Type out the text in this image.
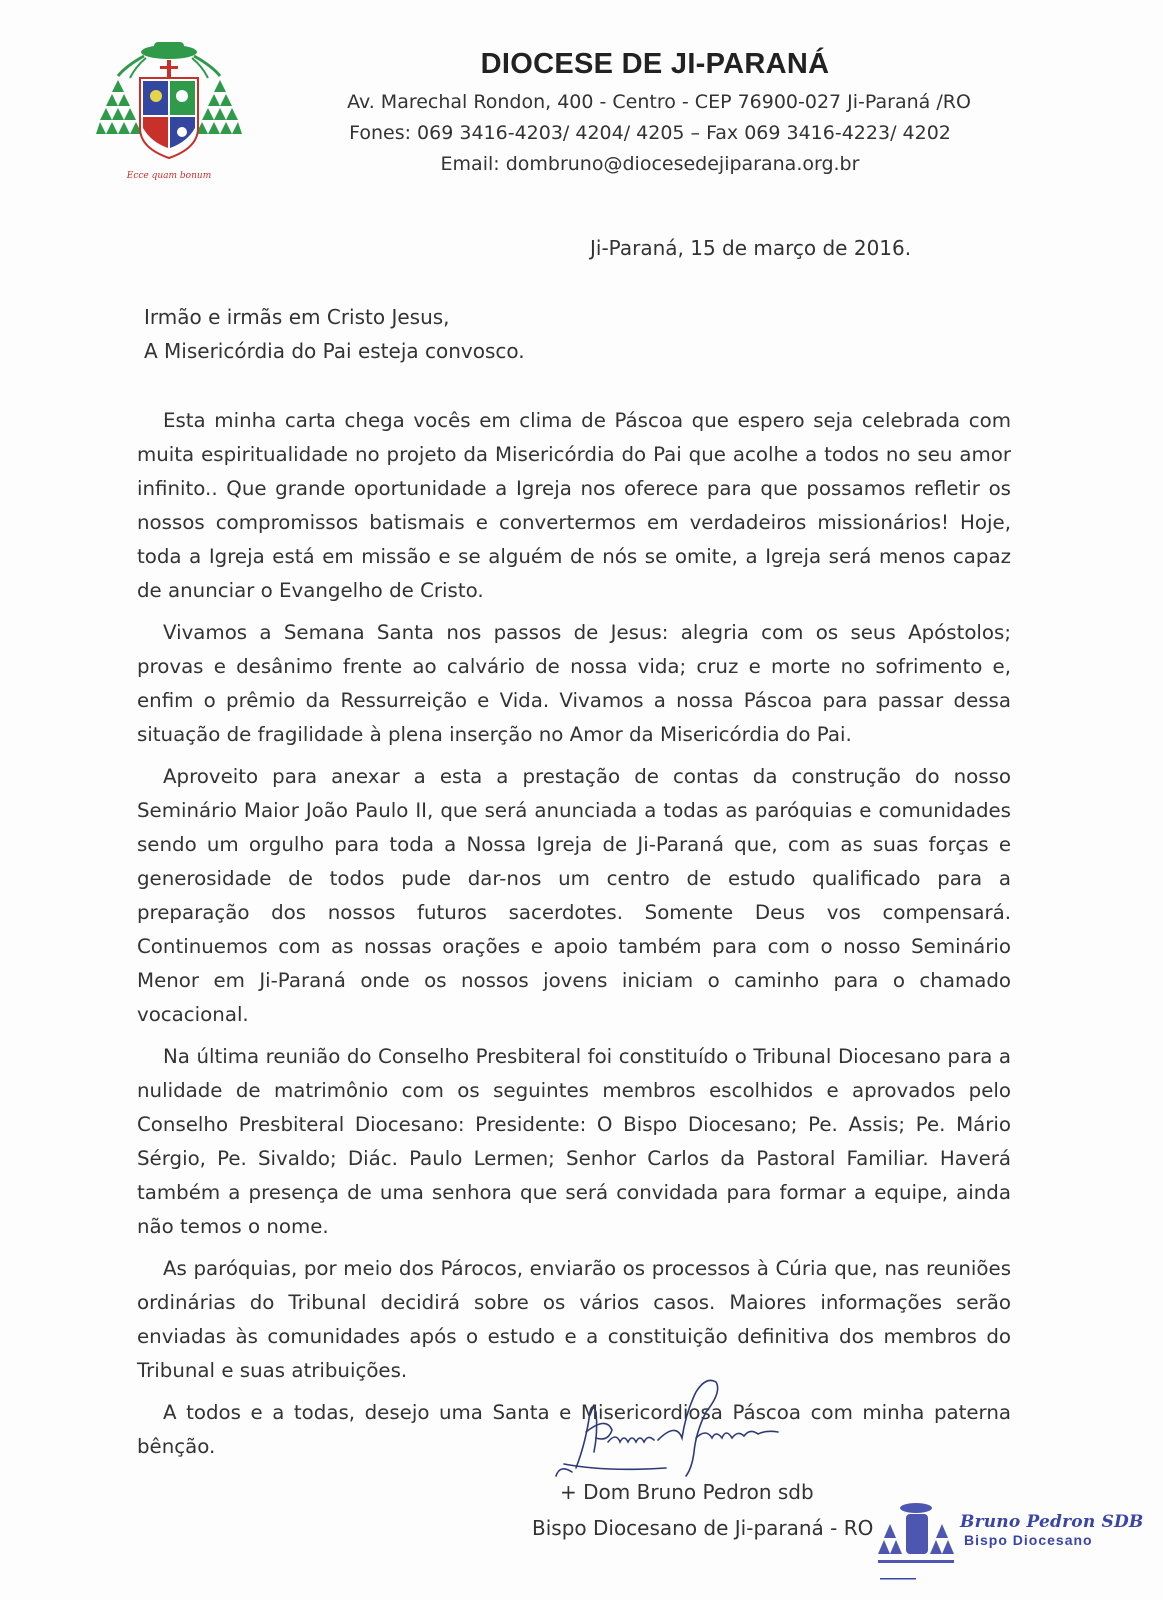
Ecce quam bonum
DIOCESE DE JI-PARANÁ
Av. Marechal Rondon, 400 - Centro - CEP 76900-027 Ji-Paraná /RO
Fones: 069 3416-4203/ 4204/ 4205 – Fax 069 3416-4223/ 4202
Email: dombruno@diocesedejiparana.org.br
Ji-Paraná, 15 de março de 2016.
Irmão e irmãs em Cristo Jesus,
A Misericórdia do Pai esteja convosco.

Esta minha carta chega vocês em clima de Páscoa que espero seja celebrada com muita espiritualidade no projeto da Misericórdia do Pai que acolhe a todos no seu amor infinito.. Que grande oportunidade a Igreja nos oferece para que possamos refletir os nossos compromissos batismais e convertermos em verdadeiros missionários! Hoje, toda a Igreja está em missão e se alguém de nós se omite, a Igreja será menos capaz de anunciar o Evangelho de Cristo.

Vivamos a Semana Santa nos passos de Jesus: alegria com os seus Apóstolos; provas e desânimo frente ao calvário de nossa vida; cruz e morte no sofrimento e, enfim o prêmio da Ressurreição e Vida. Vivamos a nossa Páscoa para passar dessa situação de fragilidade à plena inserção no Amor da Misericórdia do Pai.

Aproveito para anexar a esta a prestação de contas da construção do nosso Seminário Maior João Paulo II, que será anunciada a todas as paróquias e comunidades sendo um orgulho para toda a Nossa Igreja de Ji-Paraná que, com as suas forças e generosidade de todos pude dar-nos um centro de estudo qualificado para a preparação dos nossos futuros sacerdotes. Somente Deus vos compensará. Continuemos com as nossas orações e apoio também para com o nosso Seminário Menor em Ji-Paraná onde os nossos jovens iniciam o caminho para o chamado vocacional.

Na última reunião do Conselho Presbiteral foi constituído o Tribunal Diocesano para a nulidade de matrimônio com os seguintes membros escolhidos e aprovados pelo Conselho Presbiteral Diocesano: Presidente: O Bispo Diocesano; Pe. Assis; Pe. Mário Sérgio, Pe. Sivaldo; Diác. Paulo Lermen; Senhor Carlos da Pastoral Familiar. Haverá também a presença de uma senhora que será convidada para formar a equipe, ainda não temos o nome.

As paróquias, por meio dos Párocos, enviarão os processos à Cúria que, nas reuniões ordinárias do Tribunal decidirá sobre os vários casos. Maiores informações serão enviadas às comunidades após o estudo e a constituição definitiva dos membros do Tribunal e suas atribuições.

A todos e a todas, desejo uma Santa e Misericordiosa Páscoa com minha paterna bênção.

+ Dom Bruno Pedron sdb
Bispo Diocesano de Ji-paraná - RO	Bruno Pedron SDB
Bispo Diocesano
